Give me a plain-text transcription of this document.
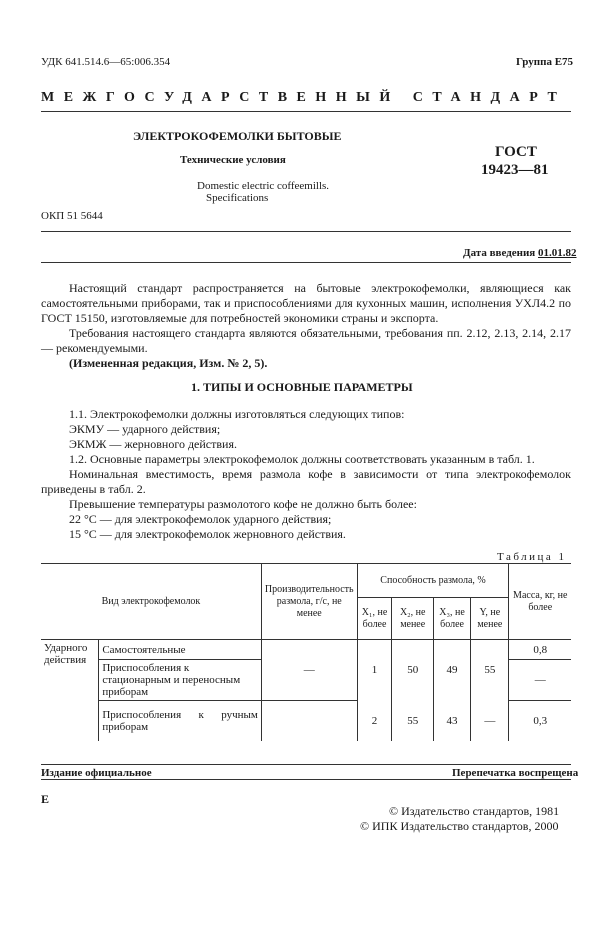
УДК 641.514.6—65:006.354	Группа Е75
МЕЖГОСУДАРСТВЕННЫЙ СТАНДАРТ
ЭЛЕКТРОКОФЕМОЛКИ БЫТОВЫЕ
Технические условия
Domestic electric coffeemills.
Specifications
ГОСТ
19423—81
ОКП 51 5644
Дата введения 01.01.82

Настоящий стандарт распространяется на бытовые электрокофемолки, являющиеся как самостоятельными приборами, так и приспособлениями для кухонных машин, исполнения УХЛ4.2 по ГОСТ 15150, изготовляемые для потребностей экономики страны и экспорта.

Требования настоящего стандарта являются обязательными, требования пп. 2.12, 2.13, 2.14, 2.17 — рекомендуемыми.

(Измененная редакция, Изм. № 2, 5).

1. ТИПЫ И ОСНОВНЫЕ ПАРАМЕТРЫ

1.1. Электрокофемолки должны изготовляться следующих типов:

ЭКМУ — ударного действия;

ЭКМЖ — жерновного действия.

1.2. Основные параметры электрокофемолок должны соответствовать указанным в табл. 1.

Номинальная вместимость, время размола кофе в зависимости от типа электрокофемолок приведены в табл. 2.

Превышение температуры размолотого кофе не должно быть более:

22 °С — для электрокофемолок ударного действия;

15 °С — для электрокофемолок жерновного действия.

Таблица 1
Вид электрокофемолок		Производительность размола, г/с, не менее	Способность размола, %				Масса, кг, не более
			X₁, не более	X₂, не менее	X₃, не более	Y, не менее	
Ударного действия	Самостоятельные	—	1	50	49	55	0,8
	Приспособления к стационарным и переносным приборам						—
	Приспособления к ручным приборам		2	55	43	—	0,3
Издание официальное	Перепечатка воспрещена
Е
© Издательство стандартов, 1981
© ИПК Издательство стандартов, 2000
